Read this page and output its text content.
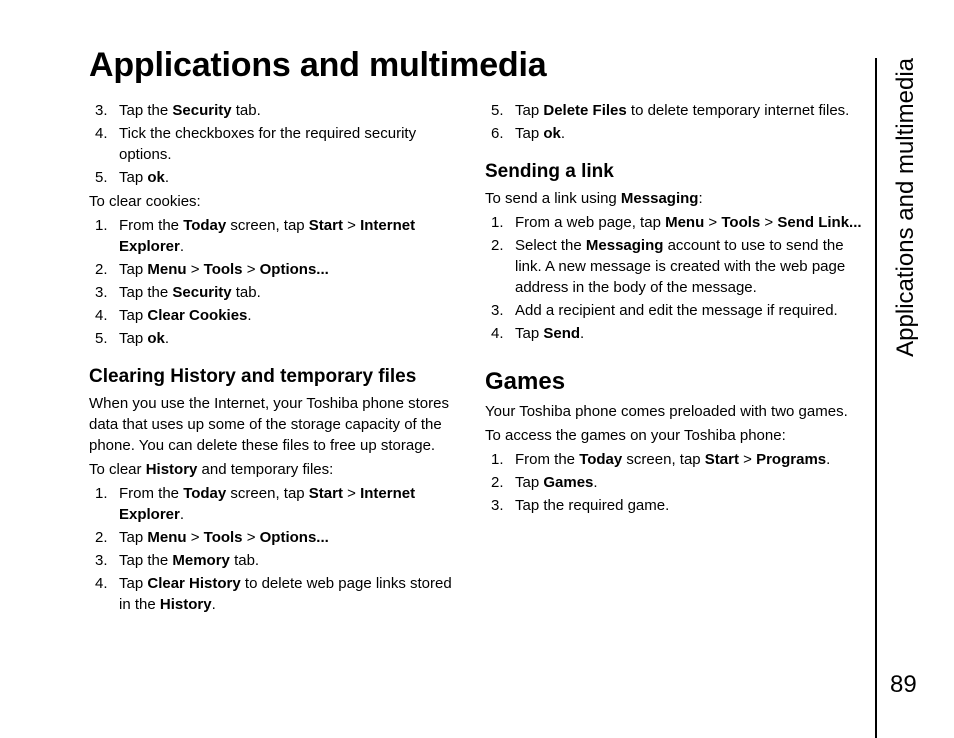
Applications and multimedia
3. Tap the Security tab.
4. Tick the checkboxes for the required security options.
5. Tap ok.

To clear cookies:

1. From the Today screen, tap Start > Internet Explorer.
2. Tap Menu > Tools > Options...
3. Tap the Security tab.
4. Tap Clear Cookies.
5. Tap ok.
Clearing History and temporary files

When you use the Internet, your Toshiba phone stores data that uses up some of the storage capacity of the phone. You can delete these files to free up storage.

To clear History and temporary files:

1. From the Today screen, tap Start > Internet Explorer.
2. Tap Menu > Tools > Options...
3. Tap the Memory tab.
4. Tap Clear History to delete web page links stored in the History.
5. Tap Delete Files to delete temporary internet files.
6. Tap ok.
Sending a link

To send a link using Messaging:

1. From a web page, tap Menu > Tools > Send Link...
2. Select the Messaging account to use to send the link. A new message is created with the web page address in the body of the message.
3. Add a recipient and edit the message if required.
4. Tap Send.
Games

Your Toshiba phone comes preloaded with two games.

To access the games on your Toshiba phone:

1. From the Today screen, tap Start > Programs.
2. Tap Games.
3. Tap the required game.
Applications and multimedia
89
